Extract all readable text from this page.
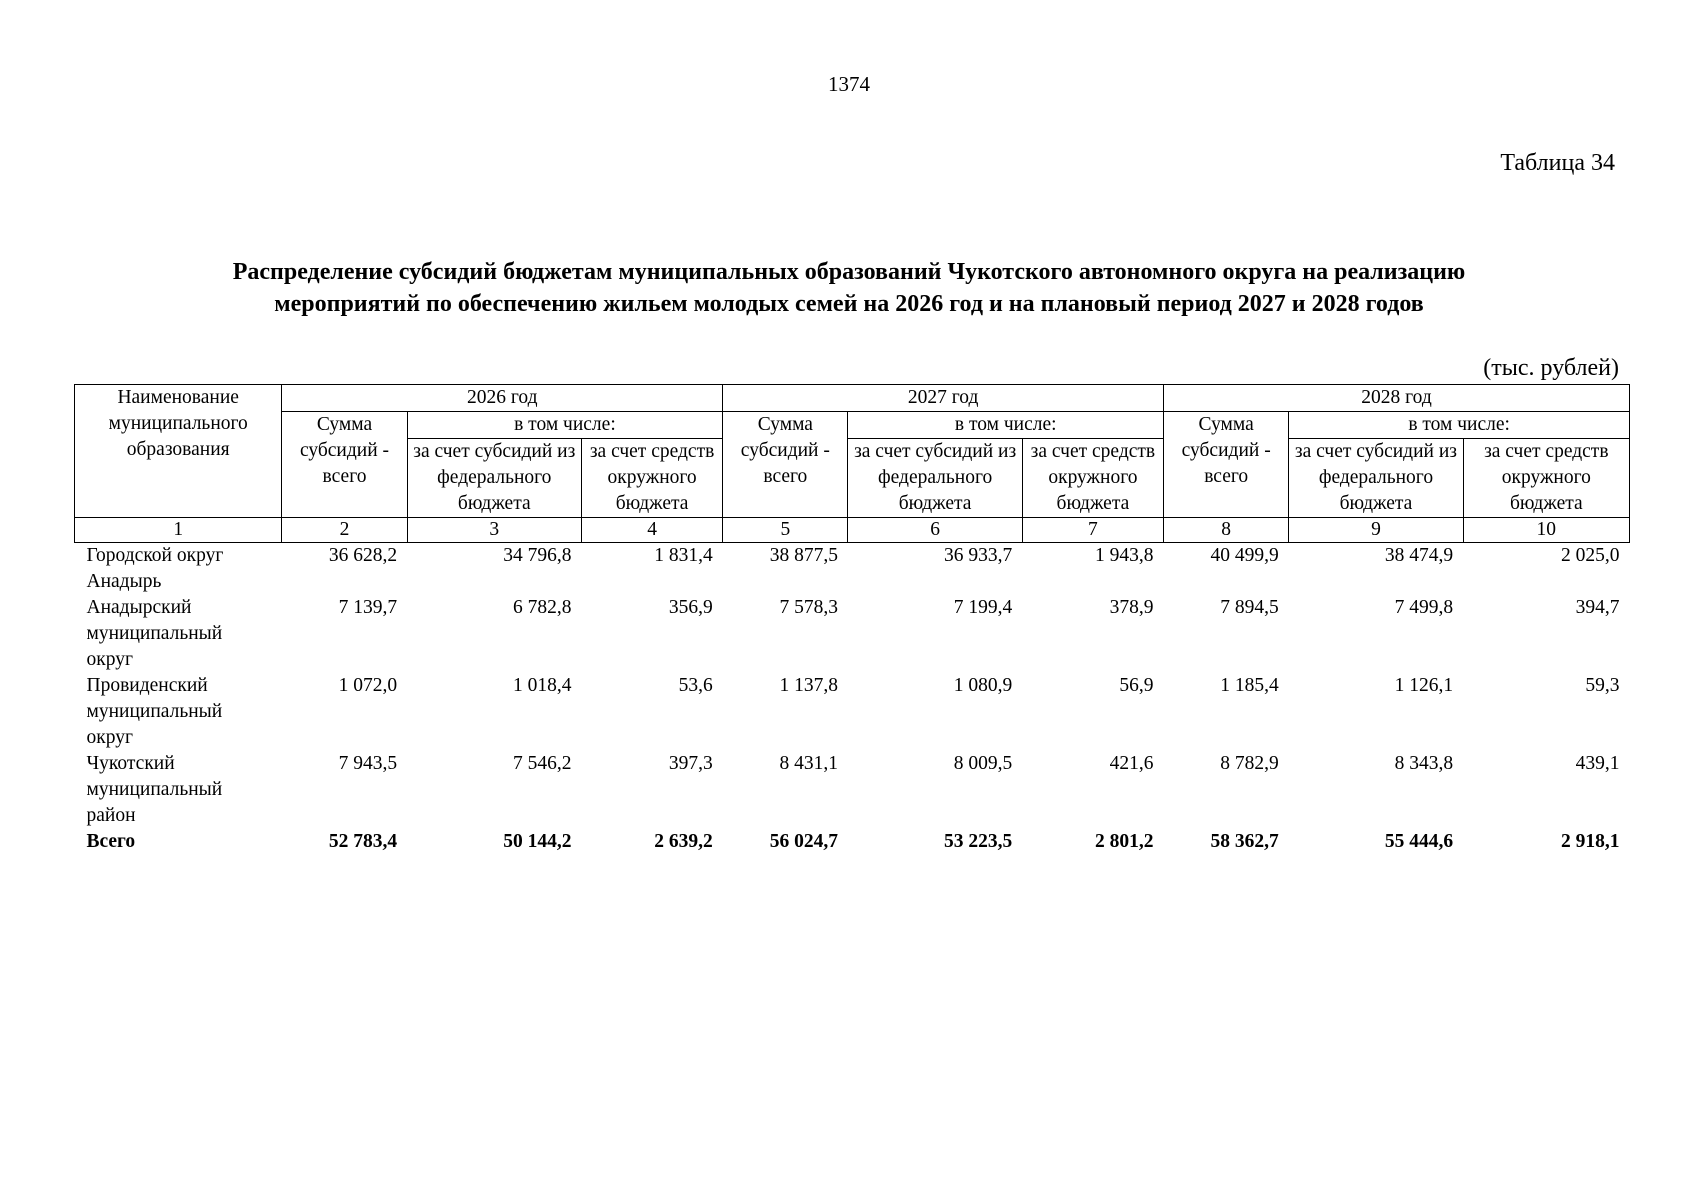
1374
Таблица 34
Распределение субсидий бюджетам муниципальных образований Чукотского автономного округа на реализацию
мероприятий по обеспечению жильем молодых семей на 2026 год и на плановый период 2027 и 2028 годов
(тыс. рублей)
Наименование муниципального образования	2026 год			2027 год			2028 год		
	Сумма субсидий - всего	в том числе:		Сумма субсидий - всего	в том числе:		Сумма субсидий - всего	в том числе:	
		за счет субсидий из федерального бюджета	за счет средств окружного бюджета		за счет субсидий из федерального бюджета	за счет средств окружного бюджета		за счет субсидий из федерального бюджета	за счет средств окружного бюджета
1	2	3	4	5	6	7	8	9	10
Городской округ Анадырь	36 628,2	34 796,8	1 831,4	38 877,5	36 933,7	1 943,8	40 499,9	38 474,9	2 025,0
Анадырский муниципальный округ	7 139,7	6 782,8	356,9	7 578,3	7 199,4	378,9	7 894,5	7 499,8	394,7
Провиденский муниципальный округ	1 072,0	1 018,4	53,6	1 137,8	1 080,9	56,9	1 185,4	1 126,1	59,3
Чукотский муниципальный район	7 943,5	7 546,2	397,3	8 431,1	8 009,5	421,6	8 782,9	8 343,8	439,1
Всего	52 783,4	50 144,2	2 639,2	56 024,7	53 223,5	2 801,2	58 362,7	55 444,6	2 918,1
